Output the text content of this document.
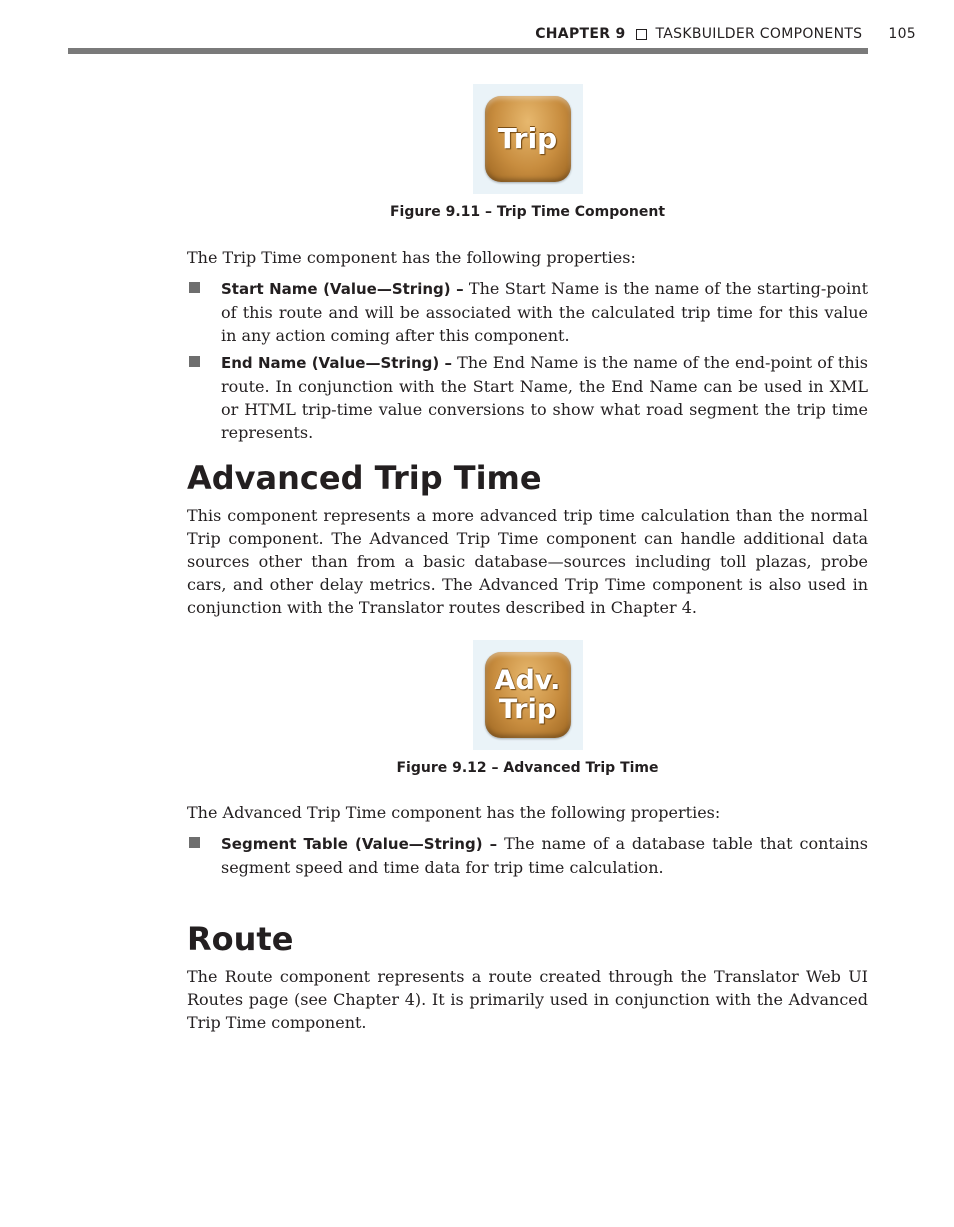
CHAPTER 9 TASKBUILDER COMPONENTS 105
Trip
Figure 9.11 – Trip Time Component

The Trip Time component has the following properties:

Start Name (Value—String) – The Start Name is the name of the starting-point of this route and will be associated with the calculated trip time for this value in any action coming after this component.
End Name (Value—String) – The End Name is the name of the end-point of this route. In conjunction with the Start Name, the End Name can be used in XML or HTML trip-time value conversions to show what road segment the trip time represents.
Advanced Trip Time

This component represents a more advanced trip time calculation than the normal Trip component. The Advanced Trip Time component can handle additional data sources other than from a basic database—sources including toll plazas, probe cars, and other delay metrics. The Advanced Trip Time component is also used in conjunction with the Translator routes described in Chapter 4.

Adv.
Trip
Figure 9.12 – Advanced Trip Time

The Advanced Trip Time component has the following properties:

Segment Table (Value—String) – The name of a database table that contains segment speed and time data for trip time calculation.
Route

The Route component represents a route created through the Translator Web UI Routes page (see Chapter 4). It is primarily used in conjunction with the Advanced Trip Time component.
